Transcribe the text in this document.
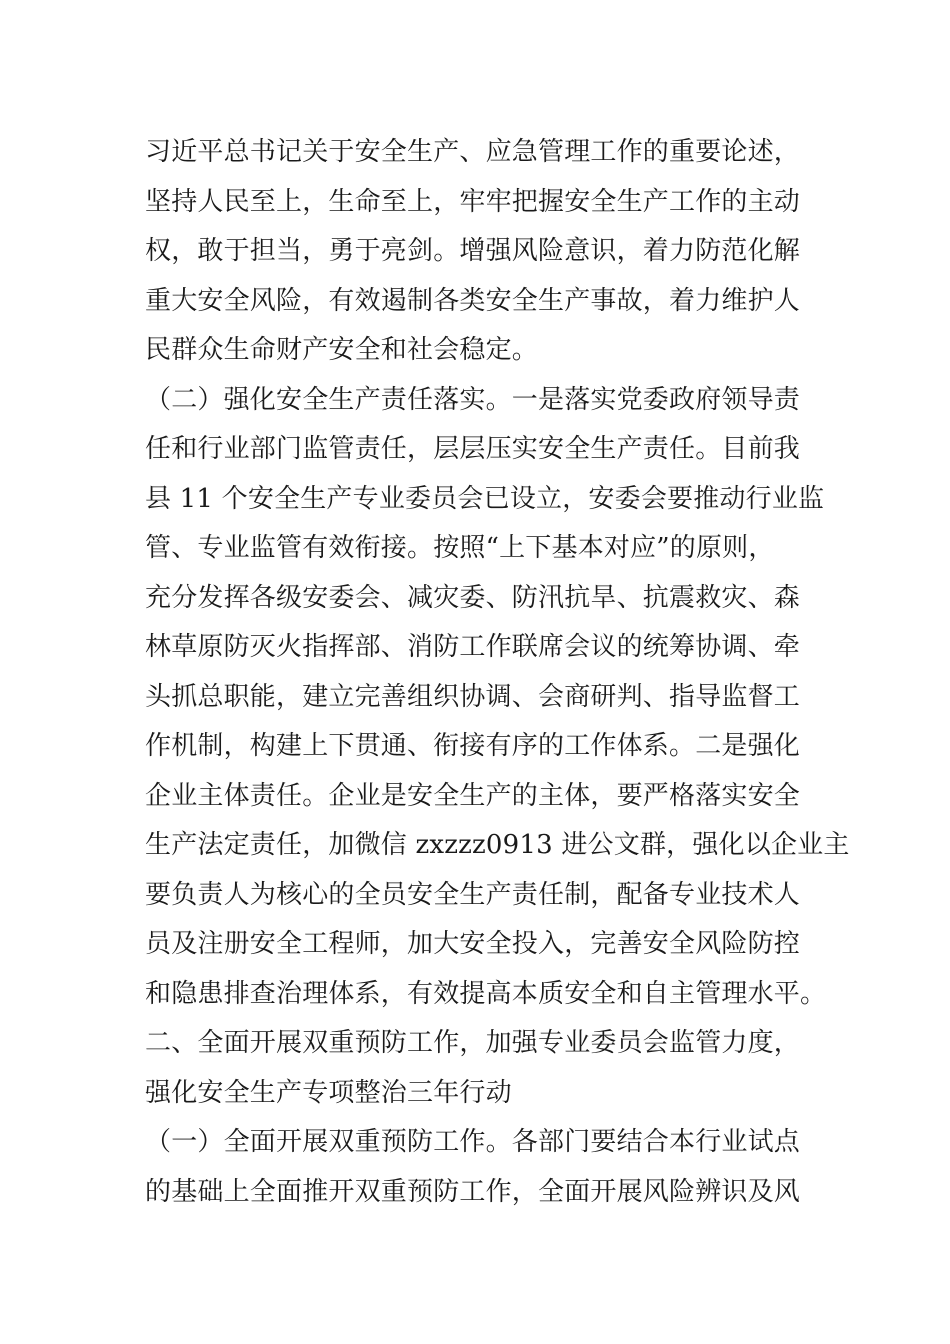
习近平总书记关于安全生产、应急管理工作的重要论述，
坚持人民至上，生命至上，牢牢把握安全生产工作的主动
权，敢于担当，勇于亮剑。增强风险意识，着力防范化解
重大安全风险，有效遏制各类安全生产事故，着力维护人
民群众生命财产安全和社会稳定。
（二）强化安全生产责任落实。一是落实党委政府领导责
任和行业部门监管责任，层层压实安全生产责任。目前我
县 11 个安全生产专业委员会已设立，安委会要推动行业监
管、专业监管有效衔接。按照“上下基本对应”的原则，
充分发挥各级安委会、减灾委、防汛抗旱、抗震救灾、森
林草原防灭火指挥部、消防工作联席会议的统筹协调、牵
头抓总职能，建立完善组织协调、会商研判、指导监督工
作机制，构建上下贯通、衔接有序的工作体系。二是强化
企业主体责任。企业是安全生产的主体，要严格落实安全
生产法定责任，加微信 zxzzz0913 进公文群，强化以企业主
要负责人为核心的全员安全生产责任制，配备专业技术人
员及注册安全工程师，加大安全投入，完善安全风险防控
和隐患排查治理体系，有效提高本质安全和自主管理水平。
二、全面开展双重预防工作，加强专业委员会监管力度，
强化安全生产专项整治三年行动
（一）全面开展双重预防工作。各部门要结合本行业试点
的基础上全面推开双重预防工作，全面开展风险辨识及风
